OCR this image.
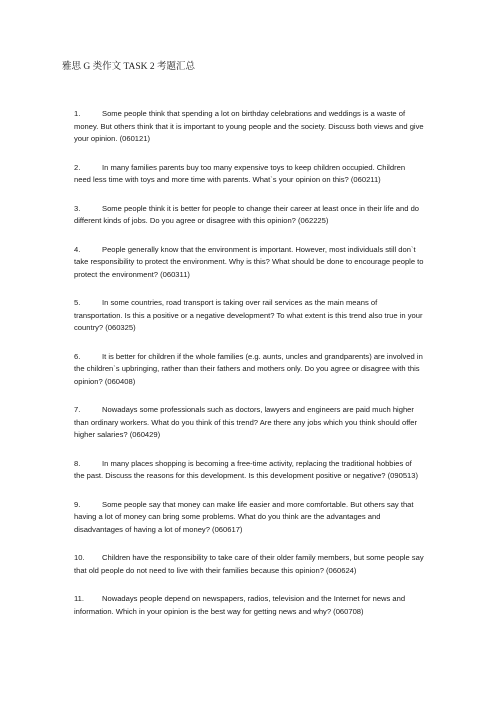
雅思 G 类作文 TASK 2 考题汇总
1.	Some people think that spending a lot on birthday celebrations and weddings is a waste of money. But others think that it is important to young people and the society. Discuss both views and give your opinion. (060121)
2.	In many families parents buy too many expensive toys to keep children occupied. Children need less time with toys and more time with parents. What`s your opinion on this? (060211)
3.	Some people think it is better for people to change their career at least once in their life and do different kinds of jobs. Do you agree or disagree with this opinion? (062225)
4.	People generally know that the environment is important. However, most individuals still don`t take responsibility to protect the environment. Why is this? What should be done to encourage people to protect the environment? (060311)
5.	In some countries, road transport is taking over rail services as the main means of transportation. Is this a positive or a negative development? To what extent is this trend also true in your country? (060325)
6.	It is better for children if the whole families (e.g. aunts, uncles and grandparents) are involved in the children`s upbringing, rather than their fathers and mothers only. Do you agree or disagree with this opinion? (060408)
7.	Nowadays some professionals such as doctors, lawyers and engineers are paid much higher than ordinary workers. What do you think of this trend? Are there any jobs which you think should offer higher salaries? (060429)
8.	In many places shopping is becoming a free-time activity, replacing the traditional hobbies of the past. Discuss the reasons for this development. Is this development positive or negative? (090513)
9.	Some people say that money can make life easier and more comfortable. But others say that having a lot of money can bring some problems. What do you think are the advantages and disadvantages of having a lot of money? (060617)
10. Children have the responsibility to take care of their older family members, but some people say that old people do not need to live with their families because this opinion? (060624)
11. Nowadays people depend on newspapers, radios, television and the Internet for news and information. Which in your opinion is the best way for getting news and why? (060708)
